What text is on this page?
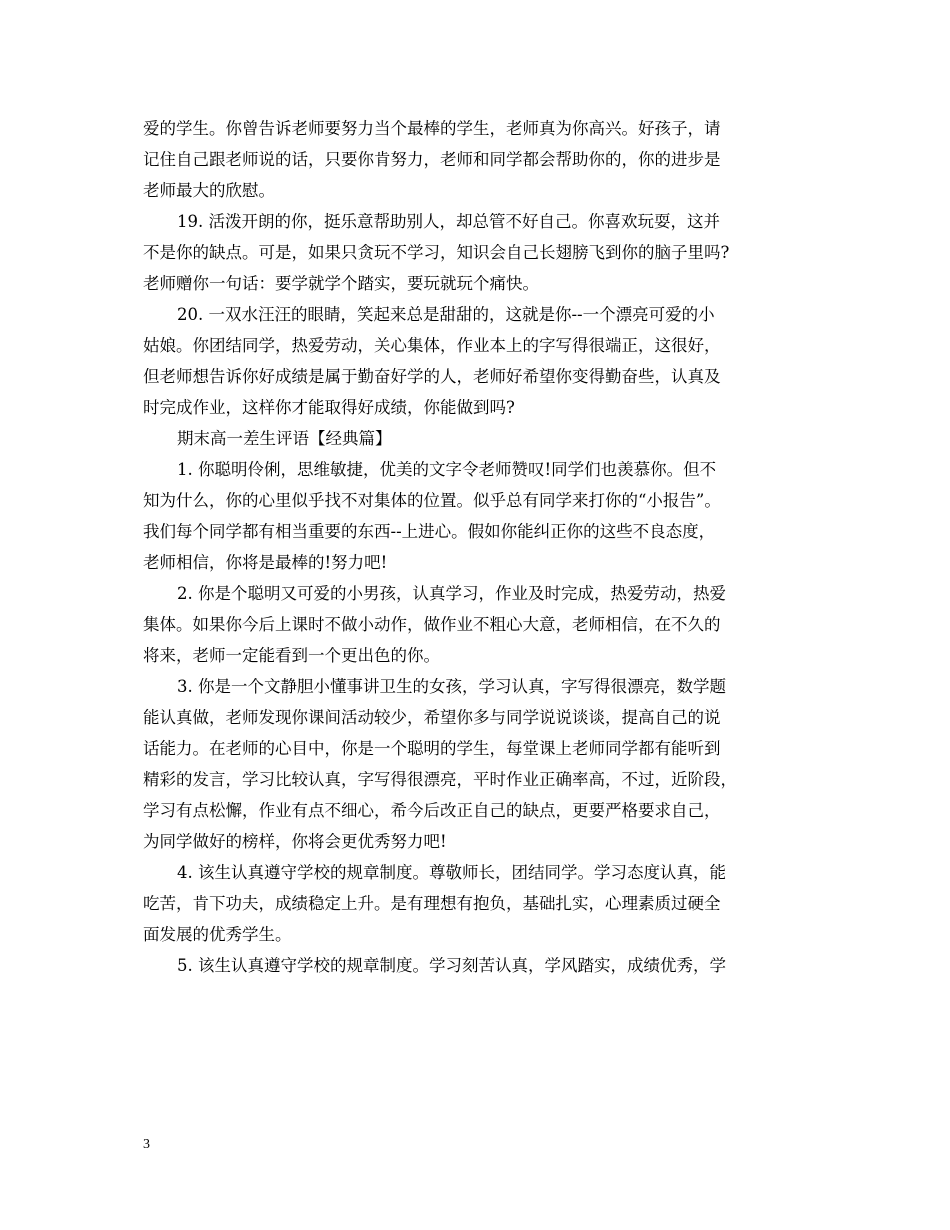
爱的学生。你曾告诉老师要努力当个最棒的学生，老师真为你高兴。好孩子，请
记住自己跟老师说的话，只要你肯努力，老师和同学都会帮助你的，你的进步是
老师最大的欣慰。
19. 活泼开朗的你，挺乐意帮助别人，却总管不好自己。你喜欢玩耍，这并
不是你的缺点。可是，如果只贪玩不学习，知识会自己长翅膀飞到你的脑子里吗?
老师赠你一句话：要学就学个踏实，要玩就玩个痛快。
20. 一双水汪汪的眼睛，笑起来总是甜甜的，这就是你--一个漂亮可爱的小
姑娘。你团结同学，热爱劳动，关心集体，作业本上的字写得很端正，这很好，
但老师想告诉你好成绩是属于勤奋好学的人，老师好希望你变得勤奋些，认真及
时完成作业，这样你才能取得好成绩，你能做到吗?
期末高一差生评语【经典篇】
1. 你聪明伶俐，思维敏捷，优美的文字令老师赞叹!同学们也羡慕你。但不
知为什么，你的心里似乎找不对集体的位置。似乎总有同学来打你的“小报告”。
我们每个同学都有相当重要的东西--上进心。假如你能纠正你的这些不良态度，
老师相信，你将是最棒的!努力吧!
2. 你是个聪明又可爱的小男孩，认真学习，作业及时完成，热爱劳动，热爱
集体。如果你今后上课时不做小动作，做作业不粗心大意，老师相信，在不久的
将来，老师一定能看到一个更出色的你。
3. 你是一个文静胆小懂事讲卫生的女孩，学习认真，字写得很漂亮，数学题
能认真做，老师发现你课间活动较少，希望你多与同学说说谈谈，提高自己的说
话能力。在老师的心目中，你是一个聪明的学生，每堂课上老师同学都有能听到
精彩的发言，学习比较认真，字写得很漂亮，平时作业正确率高，不过，近阶段，
学习有点松懈，作业有点不细心，希今后改正自己的缺点，更要严格要求自己，
为同学做好的榜样，你将会更优秀努力吧!
4. 该生认真遵守学校的规章制度。尊敬师长，团结同学。学习态度认真，能
吃苦，肯下功夫，成绩稳定上升。是有理想有抱负，基础扎实，心理素质过硬全
面发展的优秀学生。
5. 该生认真遵守学校的规章制度。学习刻苦认真，学风踏实，成绩优秀，学
3
